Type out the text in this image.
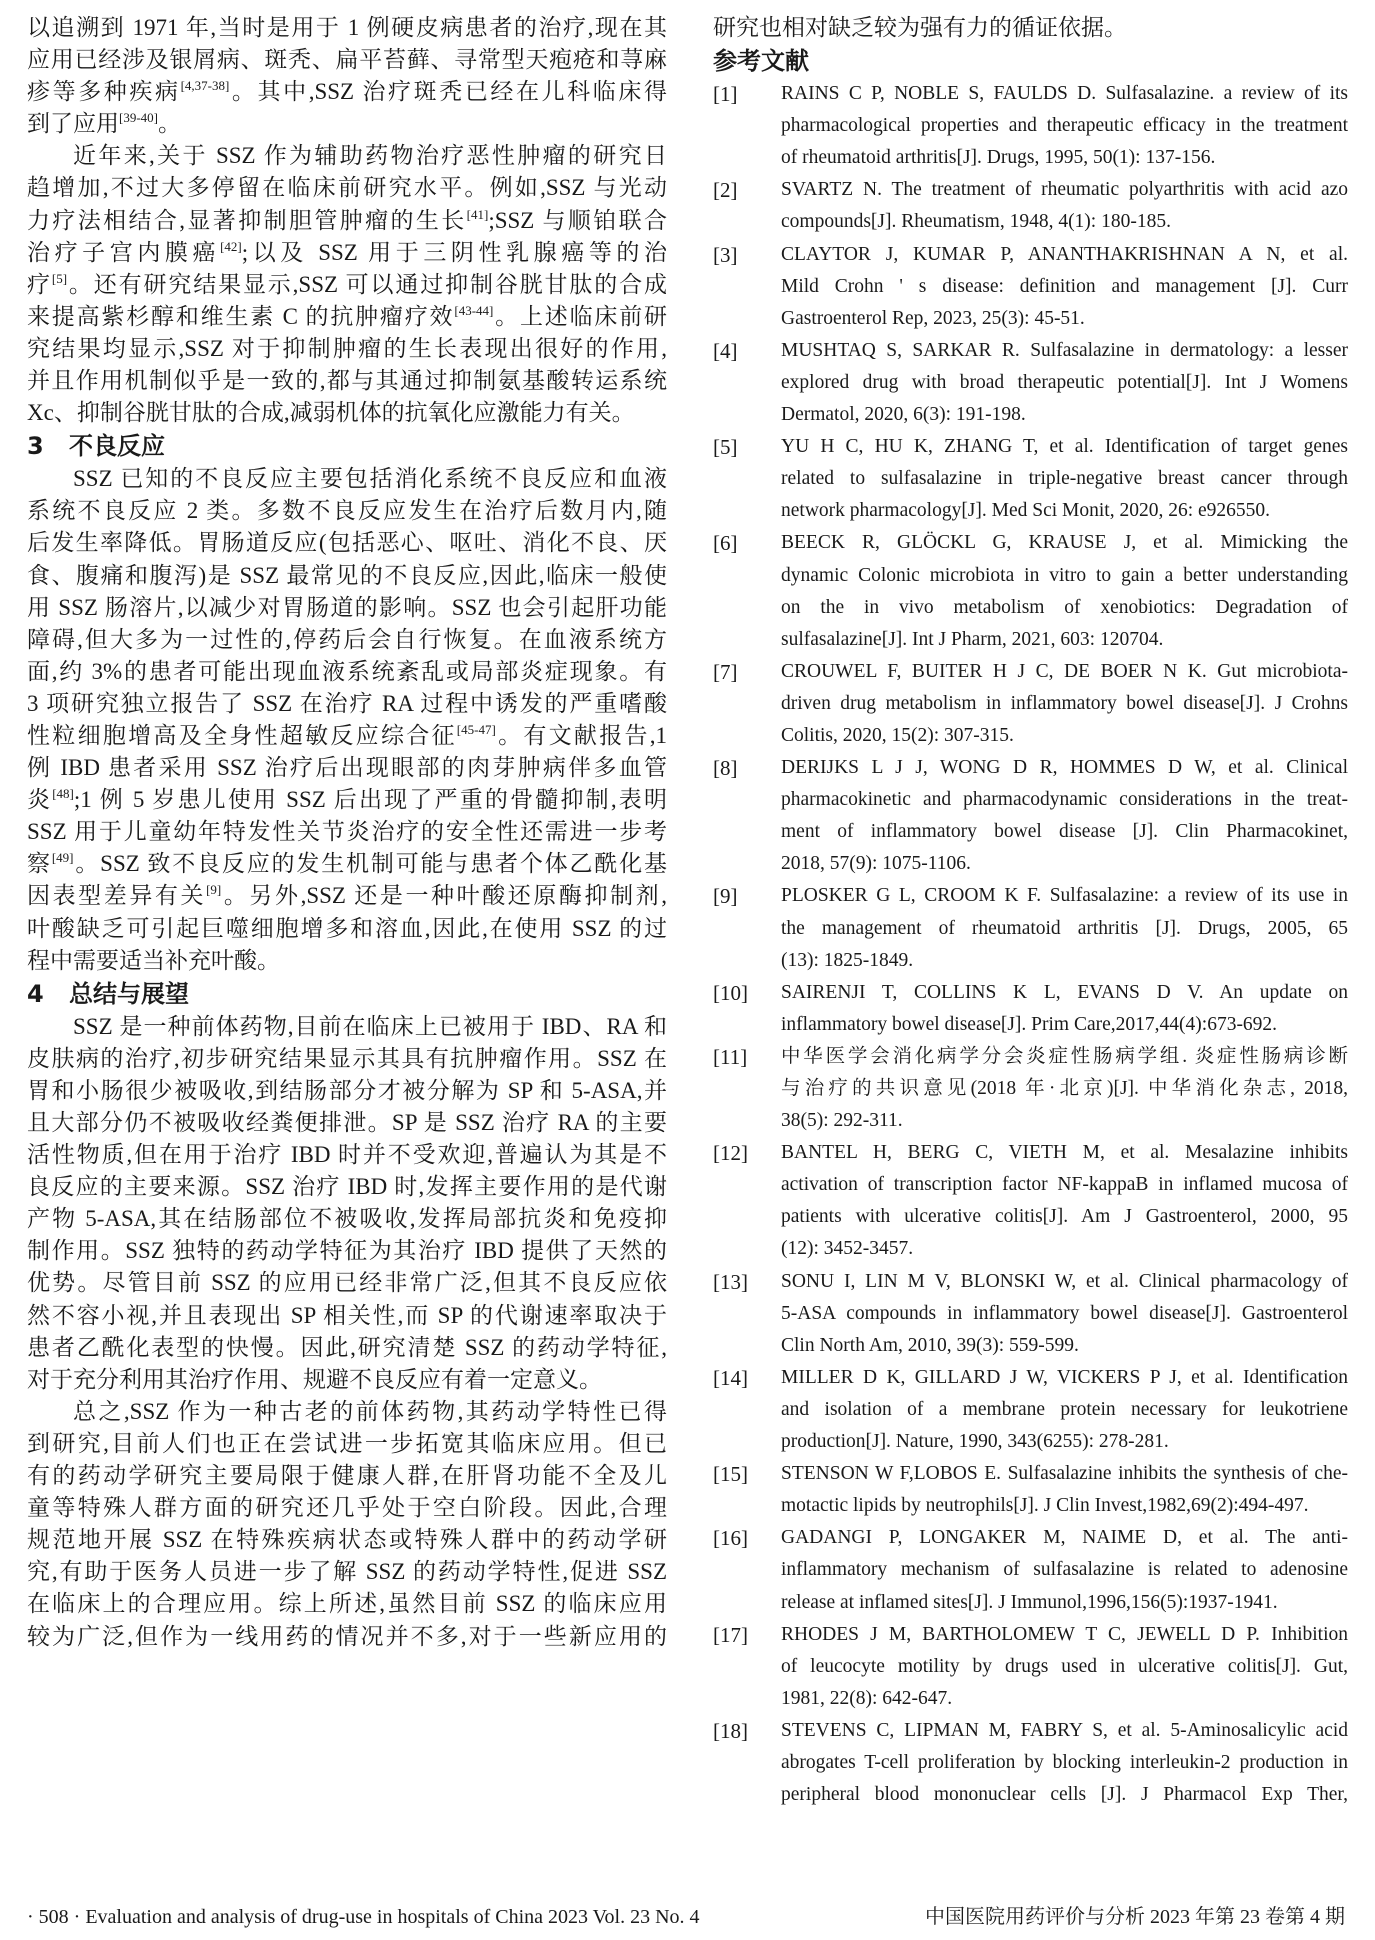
以追溯到 1971 年,当时是用于 1 例硬皮病患者的治疗,现在其
应用已经涉及银屑病、斑秃、扁平苔藓、寻常型天疱疮和荨麻
疹等多种疾病[4,37-38]。其中,SSZ 治疗斑秃已经在儿科临床得
到了应用[39-40]。
近年来,关于 SSZ 作为辅助药物治疗恶性肿瘤的研究日
趋增加,不过大多停留在临床前研究水平。例如,SSZ 与光动
力疗法相结合,显著抑制胆管肿瘤的生长[41];SSZ 与顺铂联合
治疗子宫内膜癌[42];以及 SSZ 用于三阴性乳腺癌等的治
疗[5]。还有研究结果显示,SSZ 可以通过抑制谷胱甘肽的合成
来提高紫杉醇和维生素 C 的抗肿瘤疗效[43-44]。上述临床前研
究结果均显示,SSZ 对于抑制肿瘤的生长表现出很好的作用,
并且作用机制似乎是一致的,都与其通过抑制氨基酸转运系统
Xc、抑制谷胱甘肽的合成,减弱机体的抗氧化应激能力有关。
3 不良反应
SSZ 已知的不良反应主要包括消化系统不良反应和血液
系统不良反应 2 类。多数不良反应发生在治疗后数月内,随
后发生率降低。胃肠道反应(包括恶心、呕吐、消化不良、厌
食、腹痛和腹泻)是 SSZ 最常见的不良反应,因此,临床一般使
用 SSZ 肠溶片,以减少对胃肠道的影响。SSZ 也会引起肝功能
障碍,但大多为一过性的,停药后会自行恢复。在血液系统方
面,约 3%的患者可能出现血液系统紊乱或局部炎症现象。有
3 项研究独立报告了 SSZ 在治疗 RA 过程中诱发的严重嗜酸
性粒细胞增高及全身性超敏反应综合征[45-47]。有文献报告,1
例 IBD 患者采用 SSZ 治疗后出现眼部的肉芽肿病伴多血管
炎[48];1 例 5 岁患儿使用 SSZ 后出现了严重的骨髓抑制,表明
SSZ 用于儿童幼年特发性关节炎治疗的安全性还需进一步考
察[49]。SSZ 致不良反应的发生机制可能与患者个体乙酰化基
因表型差异有关[9]。另外,SSZ 还是一种叶酸还原酶抑制剂,
叶酸缺乏可引起巨噬细胞增多和溶血,因此,在使用 SSZ 的过
程中需要适当补充叶酸。
4 总结与展望
SSZ 是一种前体药物,目前在临床上已被用于 IBD、RA 和
皮肤病的治疗,初步研究结果显示其具有抗肿瘤作用。SSZ 在
胃和小肠很少被吸收,到结肠部分才被分解为 SP 和 5-ASA,并
且大部分仍不被吸收经粪便排泄。SP 是 SSZ 治疗 RA 的主要
活性物质,但在用于治疗 IBD 时并不受欢迎,普遍认为其是不
良反应的主要来源。SSZ 治疗 IBD 时,发挥主要作用的是代谢
产物 5-ASA,其在结肠部位不被吸收,发挥局部抗炎和免疫抑
制作用。SSZ 独特的药动学特征为其治疗 IBD 提供了天然的
优势。尽管目前 SSZ 的应用已经非常广泛,但其不良反应依
然不容小视,并且表现出 SP 相关性,而 SP 的代谢速率取决于
患者乙酰化表型的快慢。因此,研究清楚 SSZ 的药动学特征,
对于充分利用其治疗作用、规避不良反应有着一定意义。
总之,SSZ 作为一种古老的前体药物,其药动学特性已得
到研究,目前人们也正在尝试进一步拓宽其临床应用。但已
有的药动学研究主要局限于健康人群,在肝肾功能不全及儿
童等特殊人群方面的研究还几乎处于空白阶段。因此,合理
规范地开展 SSZ 在特殊疾病状态或特殊人群中的药动学研
究,有助于医务人员进一步了解 SSZ 的药动学特性,促进 SSZ
在临床上的合理应用。综上所述,虽然目前 SSZ 的临床应用
较为广泛,但作为一线用药的情况并不多,对于一些新应用的
研究也相对缺乏较为强有力的循证依据。
参考文献
[1] RAINS C P, NOBLE S, FAULDS D. Sulfasalazine. a review of its
pharmacological properties and therapeutic efficacy in the treatment
of rheumatoid arthritis[J]. Drugs, 1995, 50(1): 137-156.
[2] SVARTZ N. The treatment of rheumatic polyarthritis with acid azo
compounds[J]. Rheumatism, 1948, 4(1): 180-185.
[3] CLAYTOR J, KUMAR P, ANANTHAKRISHNAN A N, et al.
Mild Crohn ' s disease: definition and management [J]. Curr
Gastroenterol Rep, 2023, 25(3): 45-51.
[4] MUSHTAQ S, SARKAR R. Sulfasalazine in dermatology: a lesser
explored drug with broad therapeutic potential[J]. Int J Womens
Dermatol, 2020, 6(3): 191-198.
[5] YU H C, HU K, ZHANG T, et al. Identification of target genes
related to sulfasalazine in triple-negative breast cancer through
network pharmacology[J]. Med Sci Monit, 2020, 26: e926550.
[6] BEECK R, GLÖCKL G, KRAUSE J, et al. Mimicking the
dynamic Colonic microbiota in vitro to gain a better understanding
on the in vivo metabolism of xenobiotics: Degradation of
sulfasalazine[J]. Int J Pharm, 2021, 603: 120704.
[7] CROUWEL F, BUITER H J C, DE BOER N K. Gut microbiota-
driven drug metabolism in inflammatory bowel disease[J]. J Crohns
Colitis, 2020, 15(2): 307-315.
[8] DERIJKS L J J, WONG D R, HOMMES D W, et al. Clinical
pharmacokinetic and pharmacodynamic considerations in the treat-
ment of inflammatory bowel disease [J]. Clin Pharmacokinet,
2018, 57(9): 1075-1106.
[9] PLOSKER G L, CROOM K F. Sulfasalazine: a review of its use in
the management of rheumatoid arthritis [J]. Drugs, 2005, 65
(13): 1825-1849.
[10] SAIRENJI T, COLLINS K L, EVANS D V. An update on
inflammatory bowel disease[J]. Prim Care,2017,44(4):673-692.
[11] 中华医学会消化病学分会炎症性肠病学组. 炎症性肠病诊断
与治疗的共识意见(2018 年·北京)[J]. 中华消化杂志, 2018,
38(5): 292-311.
[12] BANTEL H, BERG C, VIETH M, et al. Mesalazine inhibits
activation of transcription factor NF-kappaB in inflamed mucosa of
patients with ulcerative colitis[J]. Am J Gastroenterol, 2000, 95
(12): 3452-3457.
[13] SONU I, LIN M V, BLONSKI W, et al. Clinical pharmacology of
5-ASA compounds in inflammatory bowel disease[J]. Gastroenterol
Clin North Am, 2010, 39(3): 559-599.
[14] MILLER D K, GILLARD J W, VICKERS P J, et al. Identification
and isolation of a membrane protein necessary for leukotriene
production[J]. Nature, 1990, 343(6255): 278-281.
[15] STENSON W F,LOBOS E. Sulfasalazine inhibits the synthesis of che-
motactic lipids by neutrophils[J]. J Clin Invest,1982,69(2):494-497.
[16] GADANGI P, LONGAKER M, NAIME D, et al. The anti-
inflammatory mechanism of sulfasalazine is related to adenosine
release at inflamed sites[J]. J Immunol,1996,156(5):1937-1941.
[17] RHODES J M, BARTHOLOMEW T C, JEWELL D P. Inhibition
of leucocyte motility by drugs used in ulcerative colitis[J]. Gut,
1981, 22(8): 642-647.
[18] STEVENS C, LIPMAN M, FABRY S, et al. 5-Aminosalicylic acid
abrogates T-cell proliferation by blocking interleukin-2 production in
peripheral blood mononuclear cells [J]. J Pharmacol Exp Ther,
· 508 · Evaluation and analysis of drug-use in hospitals of China 2023 Vol. 23 No. 4	中国医院用药评价与分析 2023 年第 23 卷第 4 期
